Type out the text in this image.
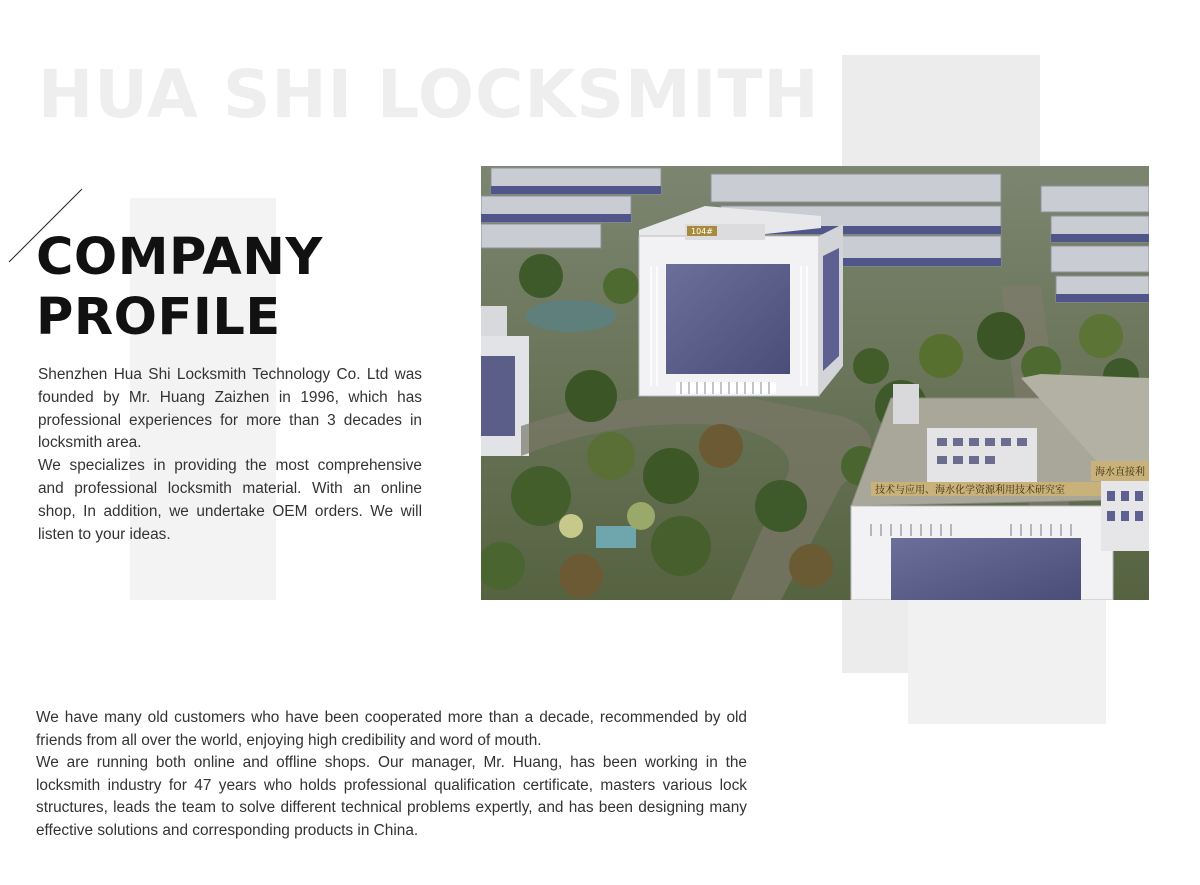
HUA SHI LOCKSMITH
COMPANY
PROFILE

Shenzhen Hua Shi Locksmith Technology Co. Ltd was founded by Mr. Huang Zaizhen in 1996, which has professional experiences for more than 3 decades in locksmith area.

We specializes in providing the most comprehensive and professional locksmith material. With an online shop, In addition, we undertake OEM orders. We will listen to your ideas.

104#
技术与应用、海水化学资源利用技术研究室
海水直接利

We have many old customers who have been cooperated more than a decade, recommended by old friends from all over the world, enjoying high credibility and word of mouth.

We are running both online and offline shops. Our manager, Mr. Huang, has been working in the locksmith industry for 47 years who holds professional qualification certificate, masters various lock structures, leads the team to solve different technical problems expertly, and has been designing many effective solutions and corresponding products in China.
